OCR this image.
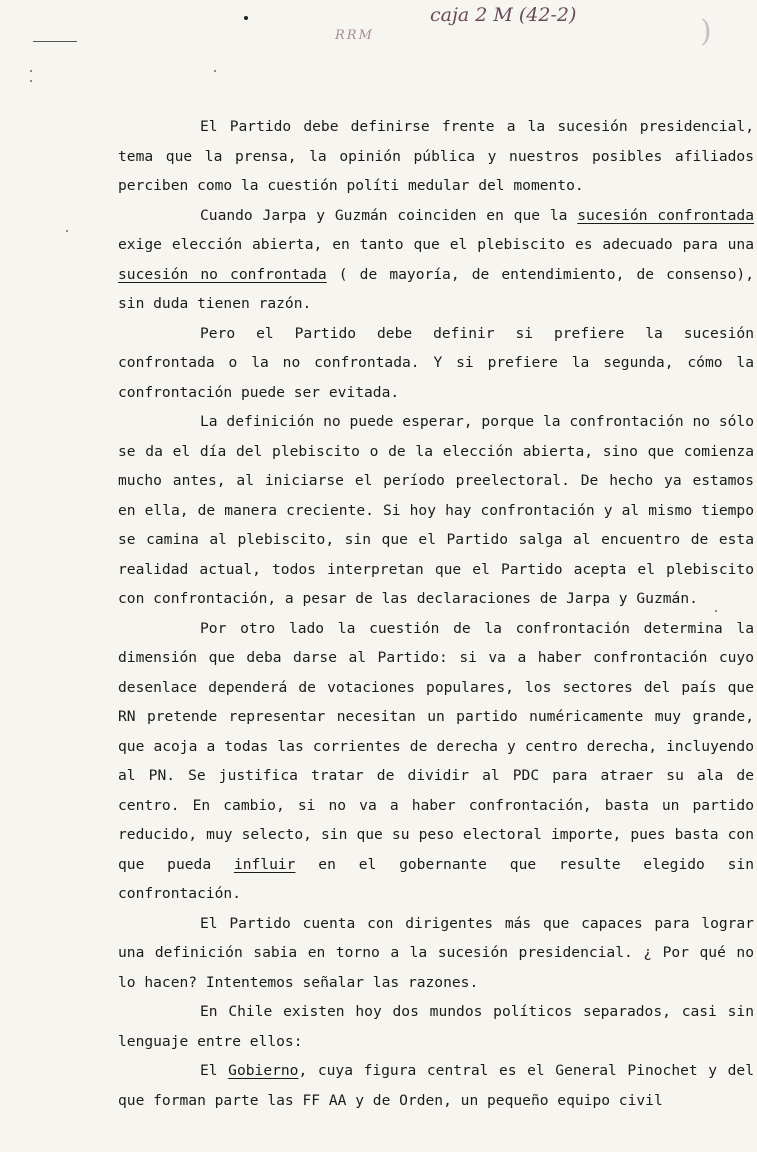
caja 2 M (42-2)
RRM	)

El Partido debe definirse frente a la sucesión presidencial, tema que la prensa, la opinión pública y nuestros posibles afiliados perciben como la cuestión políti medular del momento.

Cuando Jarpa y Guzmán coinciden en que la sucesión confrontada exige elección abierta, en tanto que el plebiscito es adecuado para una sucesión no confrontada ( de mayoría, de entendimiento, de consenso), sin duda tienen razón.

Pero el Partido debe definir si prefiere la sucesión confrontada o la no confrontada. Y si prefiere la segunda, cómo la confrontación puede ser evitada.

La definición no puede esperar, porque la confrontación no sólo se da el día del plebiscito o de la elección abierta, sino que comienza mucho antes, al iniciarse el período preelectoral. De hecho ya estamos en ella, de manera creciente. Si hoy hay confrontación y al mismo tiempo se camina al plebiscito, sin que el Partido salga al encuentro de esta realidad actual, todos interpretan que el Partido acepta el plebiscito con confrontación, a pesar de las declaraciones de Jarpa y Guzmán.

Por otro lado la cuestión de la confrontación determina la dimensión que deba darse al Partido: si va a haber confrontación cuyo desenlace dependerá de votaciones populares, los sectores del país que RN pretende representar necesitan un partido numéricamente muy grande, que acoja a todas las corrientes de derecha y centro derecha, incluyendo al PN. Se justifica tratar de dividir al PDC para atraer su ala de centro. En cambio, si no va a haber confrontación, basta un partido reducido, muy selecto, sin que su peso electoral importe, pues basta con que pueda influir en el gobernante que resulte elegido sin confrontación.

El Partido cuenta con dirigentes más que capaces para lograr una definición sabia en torno a la sucesión presidencial. ¿ Por qué no lo hacen? Intentemos señalar las razones.

En Chile existen hoy dos mundos políticos separados, casi sin lenguaje entre ellos:

El Gobierno, cuya figura central es el General Pinochet y del que forman parte las FF AA y de Orden, un pequeño equipo civil
